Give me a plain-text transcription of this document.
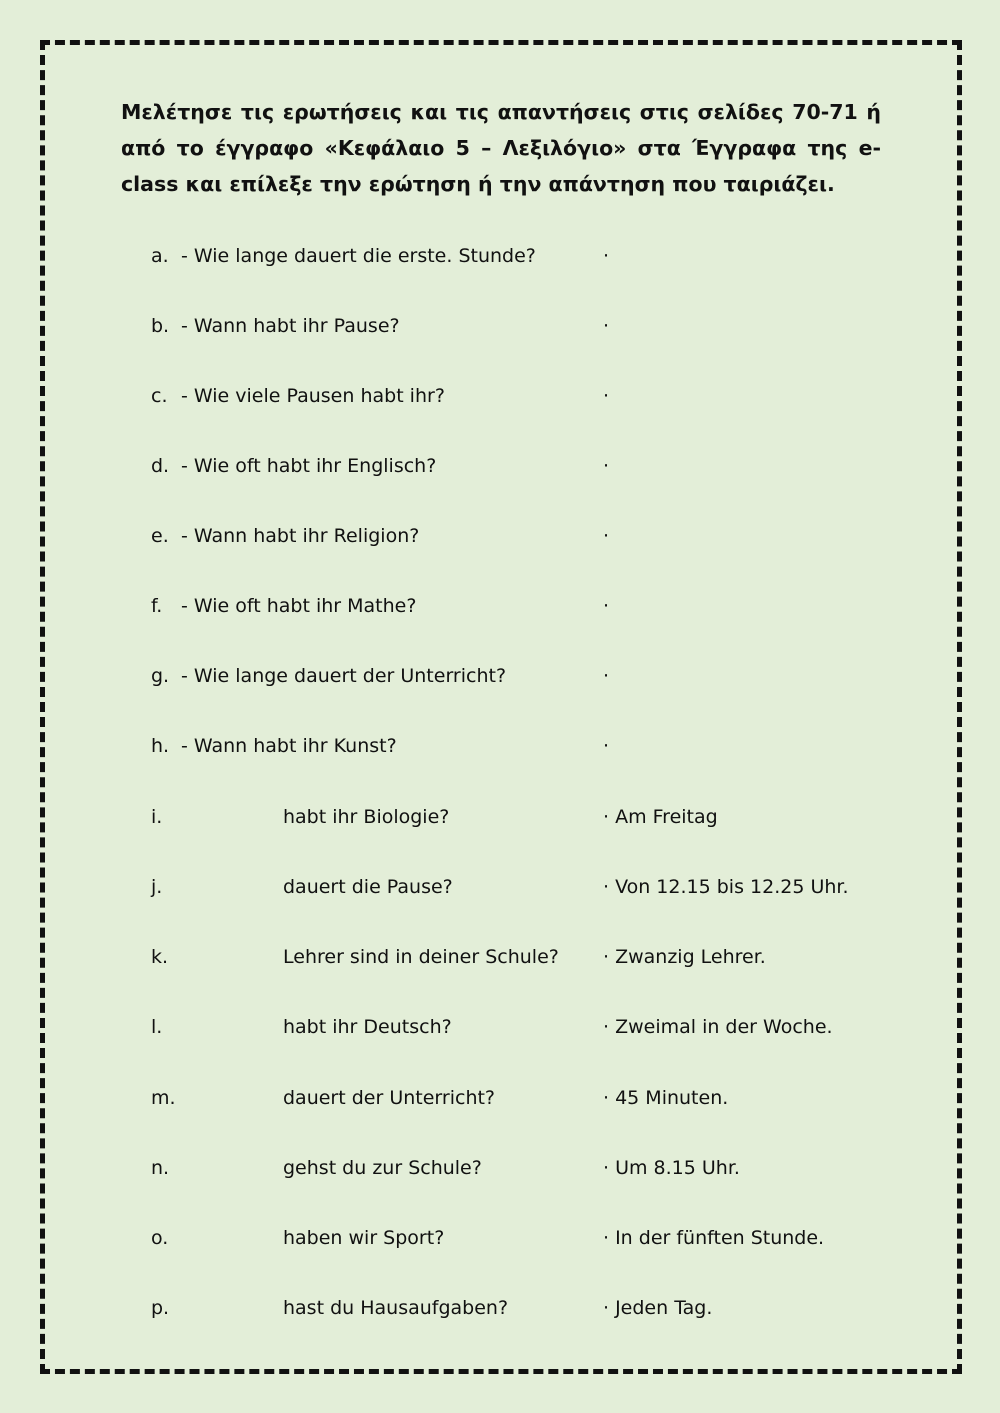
Μελέτησε τις ερωτήσεις και τις απαντήσεις στις σελίδες 70-71 ή από το έγγραφο «Κεφάλαιο 5 – Λεξιλόγιο» στα Έγγραφα της e-class και επίλεξε την ερώτηση ή την απάντηση που ταιριάζει.

a. - Wie lange dauert die erste. Stunde?	·
b. - Wann habt ihr Pause?	·
c. - Wie viele Pausen habt ihr?	·
d. - Wie oft habt ihr Englisch?	·
e. - Wann habt ihr Religion?	·
f. - Wie oft habt ihr Mathe?	·
g. - Wie lange dauert der Unterricht?	·
h. - Wann habt ihr Kunst?	·
i.	habt ihr Biologie?	· Am Freitag
j.	dauert die Pause?	· Von 12.15 bis 12.25 Uhr.
k.	Lehrer sind in deiner Schule? · Zwanzig Lehrer.
l.	habt ihr Deutsch?	· Zweimal in der Woche.
m.	dauert der Unterricht?	· 45 Minuten.
n.	gehst du zur Schule?	· Um 8.15 Uhr.
o.	haben wir Sport?	· In der fünften Stunde.
p.	hast du Hausaufgaben?	· Jeden Tag.
